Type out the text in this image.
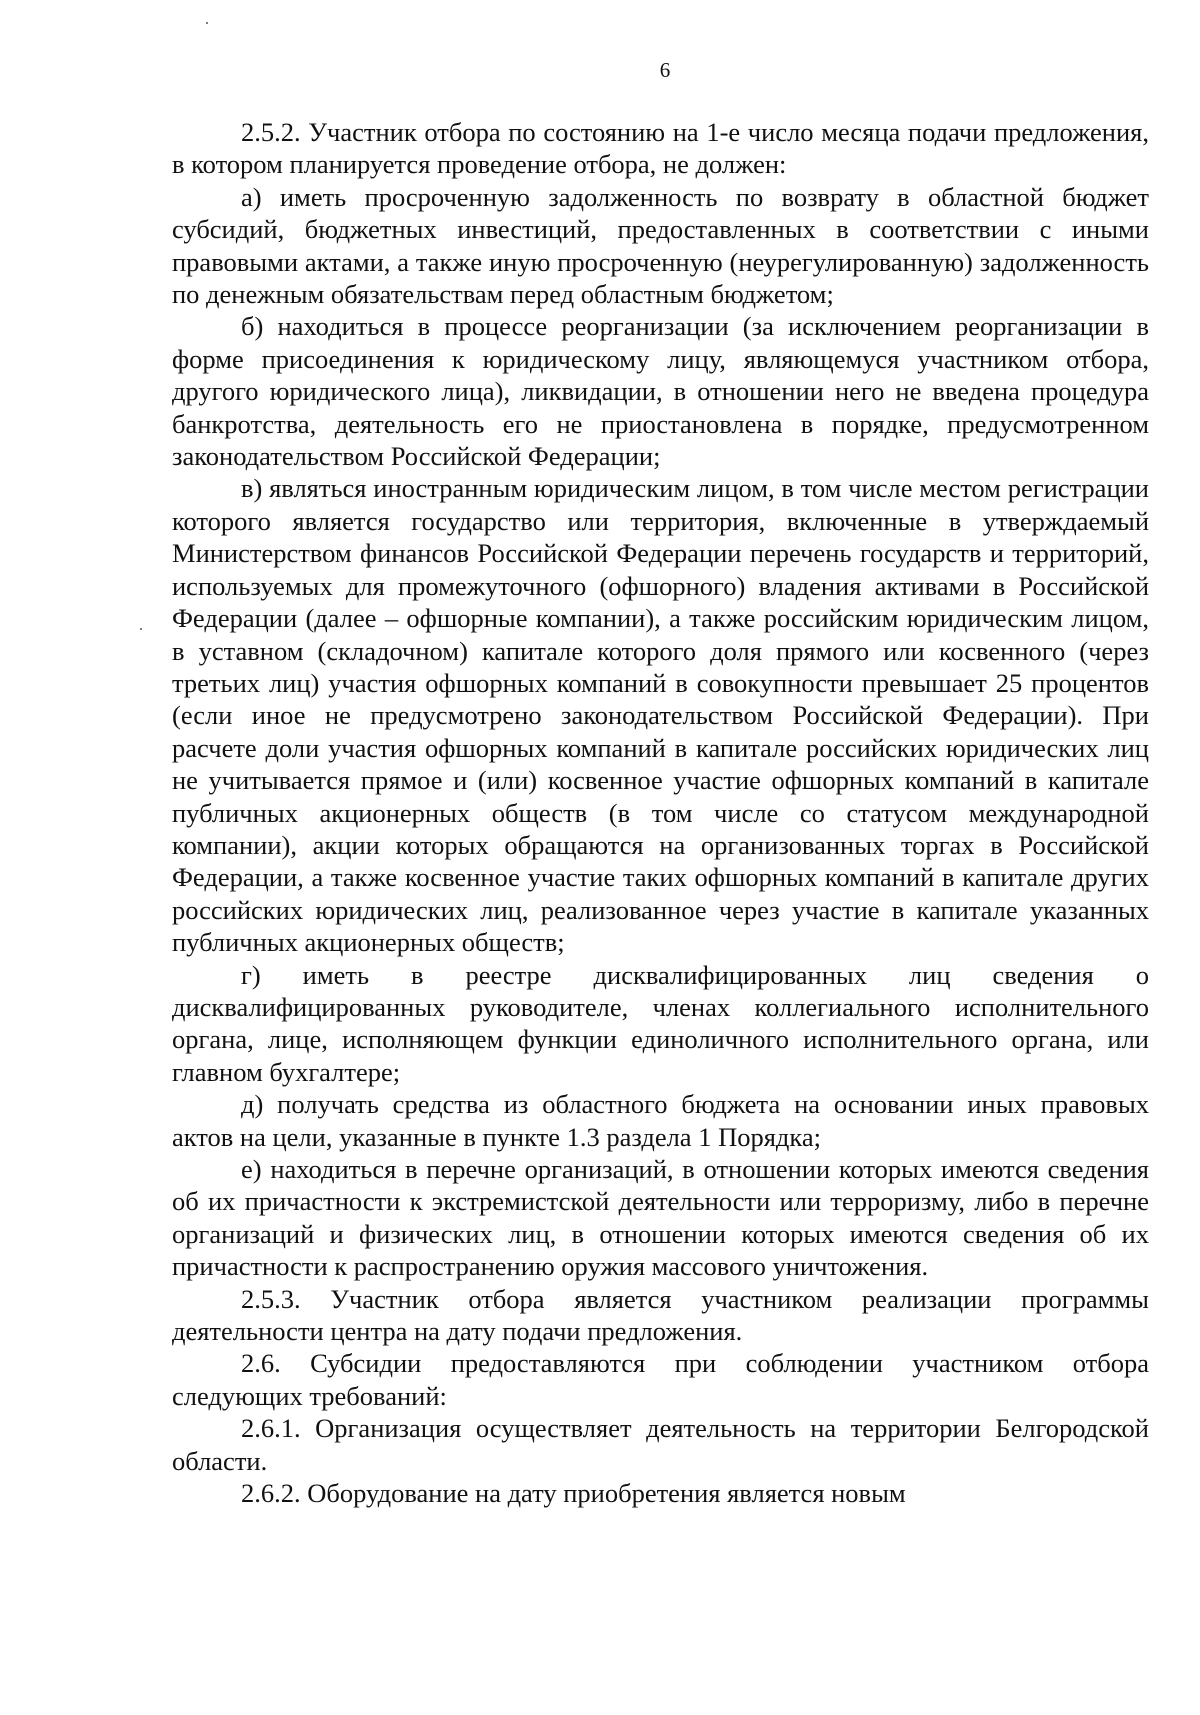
6

2.5.2. Участник отбора по состоянию на 1-е число месяца подачи предложения, в котором планируется проведение отбора, не должен:

а) иметь просроченную задолженность по возврату в областной бюджет субсидий, бюджетных инвестиций, предоставленных в соответствии с иными правовыми актами, а также иную просроченную (неурегулированную) задолженность по денежным обязательствам перед областным бюджетом;

б) находиться в процессе реорганизации (за исключением реорганизации в форме присоединения к юридическому лицу, являющемуся участником отбора, другого юридического лица), ликвидации, в отношении него не введена процедура банкротства, деятельность его не приостановлена в порядке, предусмотренном законодательством Российской Федерации;

в) являться иностранным юридическим лицом, в том числе местом регистрации которого является государство или территория, включенные в утверждаемый Министерством финансов Российской Федерации перечень государств и территорий, используемых для промежуточного (офшорного) владения активами в Российской Федерации (далее – офшорные компании), а также российским юридическим лицом, в уставном (складочном) капитале которого доля прямого или косвенного (через третьих лиц) участия офшорных компаний в совокупности превышает 25 процентов (если иное не предусмотрено законодательством Российской Федерации). При расчете доли участия офшорных компаний в капитале российских юридических лиц не учитывается прямое и (или) косвенное участие офшорных компаний в капитале публичных акционерных обществ (в том числе со статусом международной компании), акции которых обращаются на организованных торгах в Российской Федерации, а также косвенное участие таких офшорных компаний в капитале других российских юридических лиц, реализованное через участие в капитале указанных публичных акционерных обществ;

г) иметь в реестре дисквалифицированных лиц сведения о дисквалифицированных руководителе, членах коллегиального исполнительного органа, лице, исполняющем функции единоличного исполнительного органа, или главном бухгалтере;

д) получать средства из областного бюджета на основании иных правовых актов на цели, указанные в пункте 1.3 раздела 1 Порядка;

е) находиться в перечне организаций, в отношении которых имеются сведения об их причастности к экстремистской деятельности или терроризму, либо в перечне организаций и физических лиц, в отношении которых имеются сведения об их причастности к распространению оружия массового уничтожения.

2.5.3. Участник отбора является участником реализации программы деятельности центра на дату подачи предложения.

2.6. Субсидии предоставляются при соблюдении участником отбора следующих требований:

2.6.1. Организация осуществляет деятельность на территории Белгородской области.

2.6.2. Оборудование на дату приобретения является новым
